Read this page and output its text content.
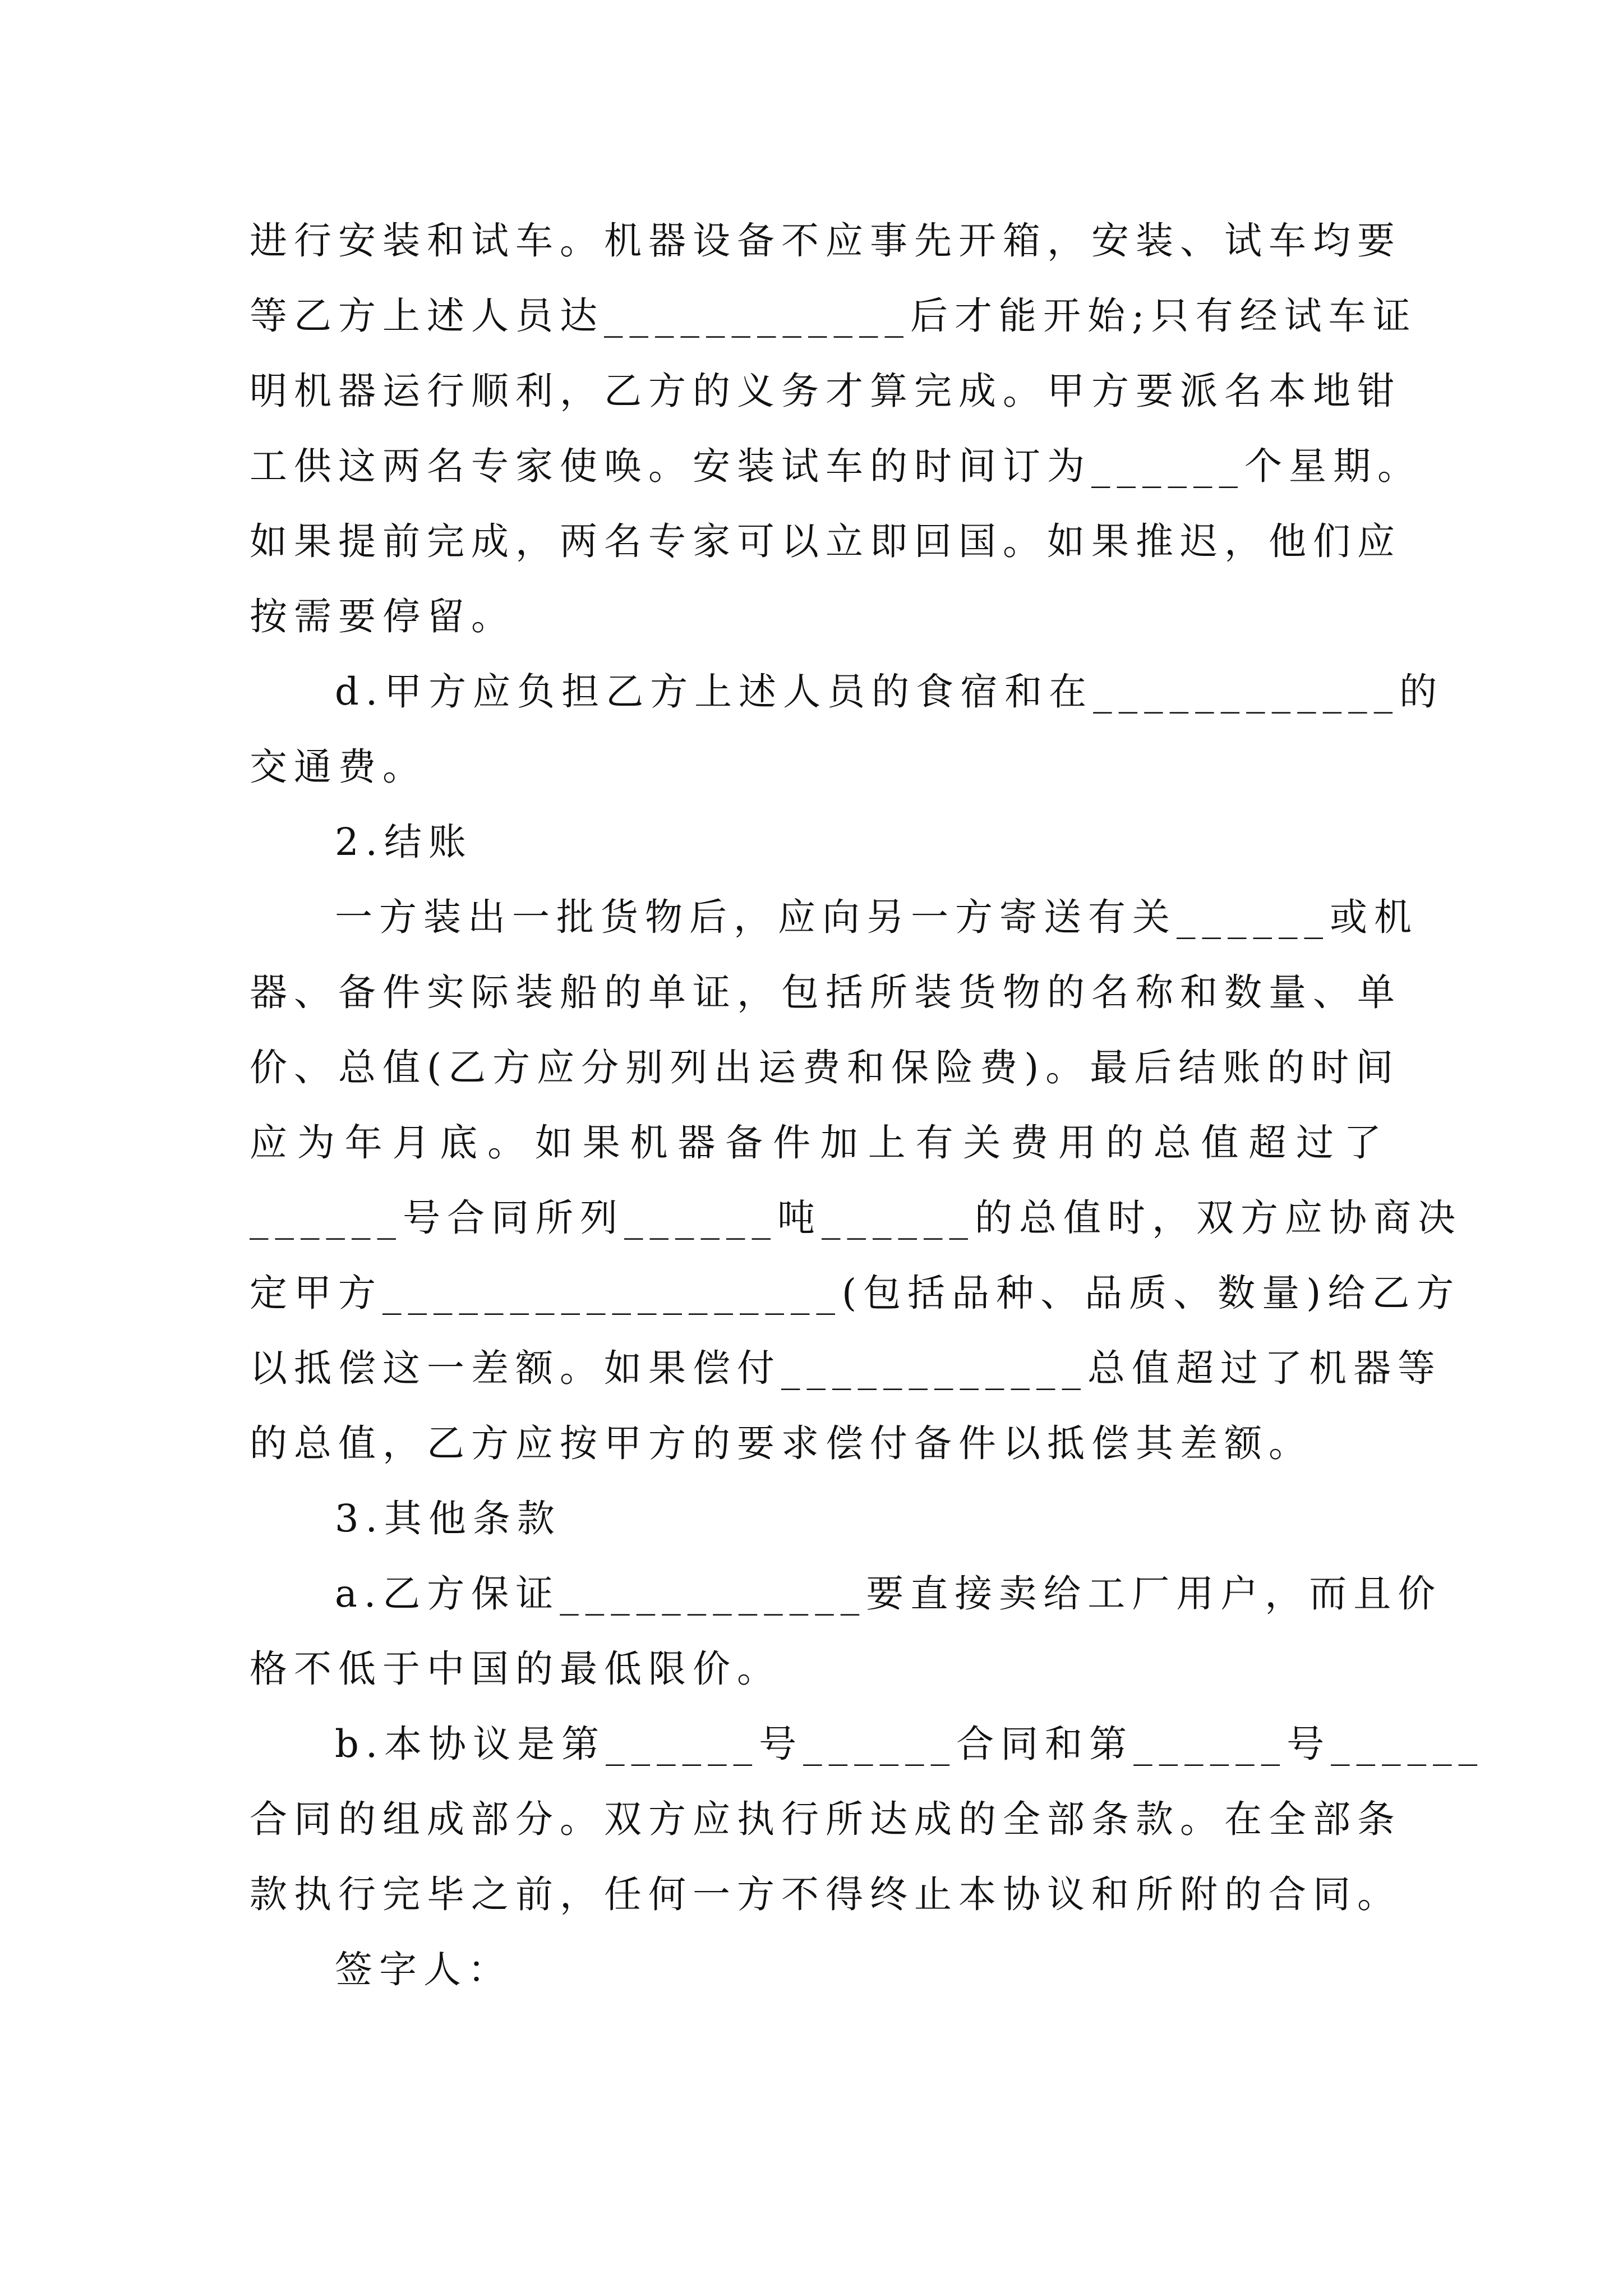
进行安装和试车。机器设备不应事先开箱，安装、试车均要
等乙方上述人员达____________后才能开始;只有经试车证
明机器运行顺利，乙方的义务才算完成。甲方要派名本地钳
工供这两名专家使唤。安装试车的时间订为______个星期。
如果提前完成，两名专家可以立即回国。如果推迟，他们应
按需要停留。
d.甲方应负担乙方上述人员的食宿和在____________的
交通费。
2.结账
一方装出一批货物后，应向另一方寄送有关______或机
器、备件实际装船的单证，包括所装货物的名称和数量、单
价、总值(乙方应分别列出运费和保险费)。最后结账的时间
应为年月底。如果机器备件加上有关费用的总值超过了
______号合同所列______吨______的总值时，双方应协商决
定甲方__________________(包括品种、品质、数量)给乙方
以抵偿这一差额。如果偿付____________总值超过了机器等
的总值，乙方应按甲方的要求偿付备件以抵偿其差额。
3.其他条款
a.乙方保证____________要直接卖给工厂用户，而且价
格不低于中国的最低限价。
b.本协议是第______号______合同和第______号______
合同的组成部分。双方应执行所达成的全部条款。在全部条
款执行完毕之前，任何一方不得终止本协议和所附的合同。
签字人：
